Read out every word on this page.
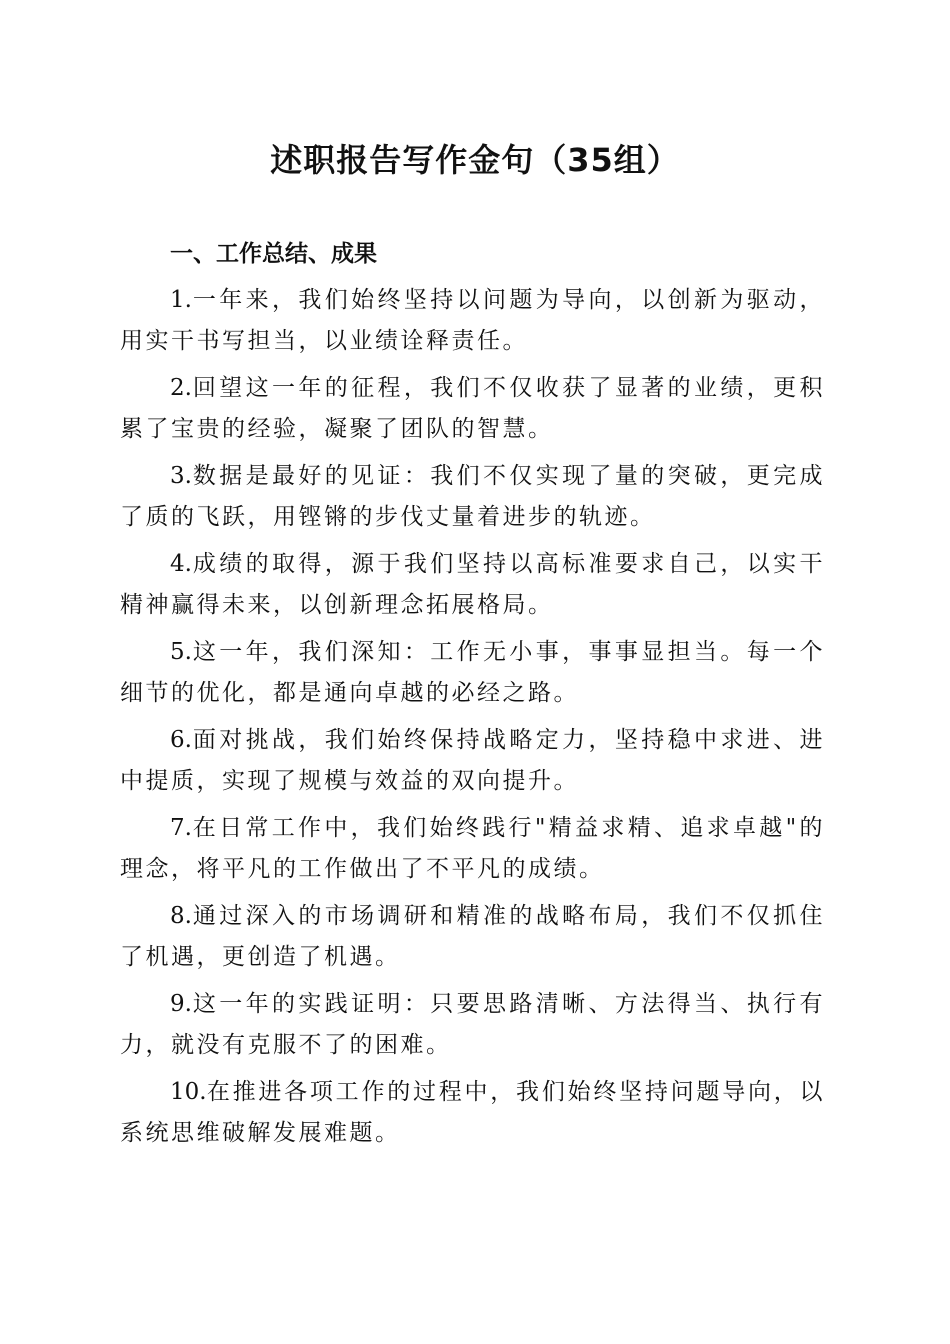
述职报告写作金句（35组）
一、工作总结、成果
1.一年来，我们始终坚持以问题为导向，以创新为驱动，用实干书写担当，以业绩诠释责任。
2.回望这一年的征程，我们不仅收获了显著的业绩，更积累了宝贵的经验，凝聚了团队的智慧。
3.数据是最好的见证：我们不仅实现了量的突破，更完成了质的飞跃，用铿锵的步伐丈量着进步的轨迹。
4.成绩的取得，源于我们坚持以高标准要求自己，以实干精神赢得未来，以创新理念拓展格局。
5.这一年，我们深知：工作无小事，事事显担当。每一个细节的优化，都是通向卓越的必经之路。
6.面对挑战，我们始终保持战略定力，坚持稳中求进、进中提质，实现了规模与效益的双向提升。
7.在日常工作中，我们始终践行"精益求精、追求卓越"的理念，将平凡的工作做出了不平凡的成绩。
8.通过深入的市场调研和精准的战略布局，我们不仅抓住了机遇，更创造了机遇。
9.这一年的实践证明：只要思路清晰、方法得当、执行有力，就没有克服不了的困难。
10.在推进各项工作的过程中，我们始终坚持问题导向，以系统思维破解发展难题。
